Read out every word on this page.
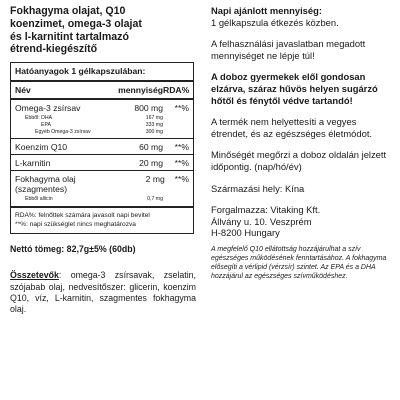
Fokhagyma olajat, Q10
koenzimet, omega-3 olajat
és l-karnitint tartalmazó
étrend-kiegészítő
Hatóanyagok 1 gélkapszulában:
Név	mennyiség RDA%
Omega-3 zsírsav	800 mg	**%
Ebből: DHA	167 mg
EPA	333 mg
Egyéb Omega-3 zsírsav	300 mg
Koenzim Q10	60 mg	**%
L-karnitin	20 mg	**%
Fokhagyma olaj (szagmentes)
2 mg	**%
Ebből allicin	0,7 mg
RDA%: felnőttek számára javasolt napi bevitel
**%: napi szükséglet nincs meghatározva
Nettó tömeg: 82,7g±5% (60db)
Összetevők: omega-3 zsírsavak, zselatin, szójabab olaj, nedvesítőszer: glicerin, koenzim Q10, víz, L-karnitin, szagmentes fokhagyma olaj.
Napi ajánlott mennyiség:
1 gélkapszula étkezés közben.
A felhasználási javaslatban megadott mennyiséget ne lépje túl!
A doboz gyermekek elől gondosan elzárva, száraz hűvös helyen sugárzó hőtől és fénytől védve tartandó!
A termék nem helyettesíti a vegyes étrendet, és az egészséges életmódot.
Minőségét megőrzi a doboz oldalán jelzett időpontig. (nap/hó/év)
Származási hely: Kína
Forgalmazza: Vitaking Kft.
Állvány u. 10. Veszprém
H-8200 Hungary
A megfelelő Q10 ellátottság hozzájárulhat a szív egészséges működésének fenntartásához. A fokhagyma elősegíti a vérlipid (vérzsír) szintet. Az EPA és a DHA hozzájárul az egészséges szívműködéshez.
